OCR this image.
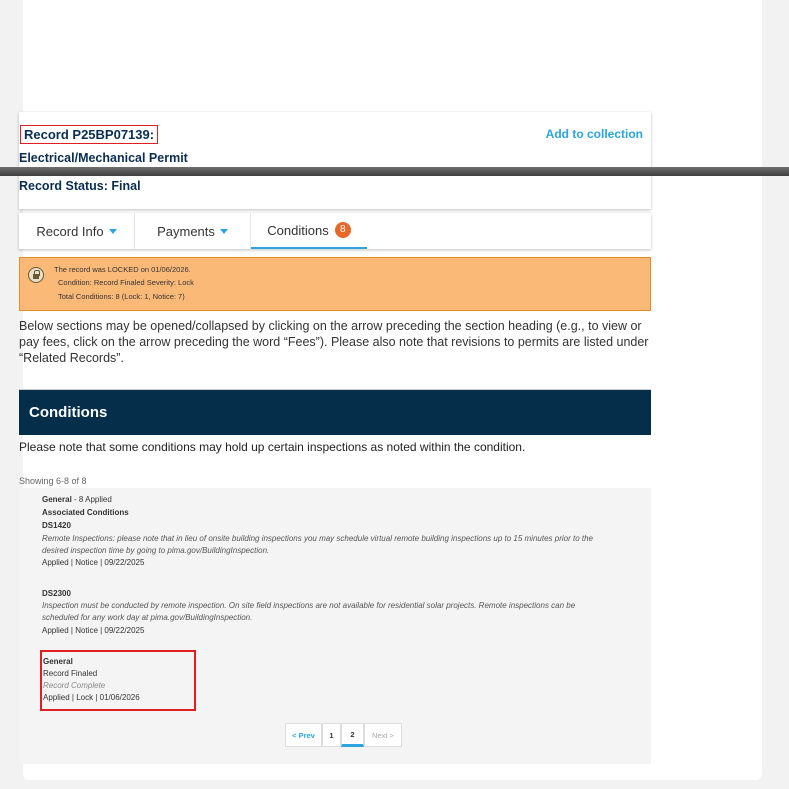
Record P25BP07139:	Add to collection
Electrical/Mechanical Permit
Record Status: Final
Record Info	Payments	Conditions	8
The record was LOCKED on 01/06/2026.
Condition: Record Finaled Severity: Lock
Total Conditions: 8 (Lock: 1, Notice: 7)
Below sections may be opened/collapsed by clicking on the arrow preceding the section heading (e.g., to view or pay fees, click on the arrow preceding the word “Fees”). Please also note that revisions to permits are listed under “Related Records”.
Conditions
Please note that some conditions may hold up certain inspections as noted within the condition.
Showing 6-8 of 8
General - 8 Applied
Associated Conditions
DS1420
Remote Inspections: please note that in lieu of onsite building inspections you may schedule virtual remote building inspections up to 15 minutes prior to the
desired inspection time by going to pima.gov/BuildingInspection.
Applied | Notice | 09/22/2025
DS2300
Inspection must be conducted by remote inspection. On site field inspections are not available for residential solar projects. Remote inspections can be
scheduled for any work day at pima.gov/BuildingInspection.
Applied | Notice | 09/22/2025
General
Record Finaled
Record Complete
Applied | Lock | 01/06/2026
< Prev	1	2	Next >
